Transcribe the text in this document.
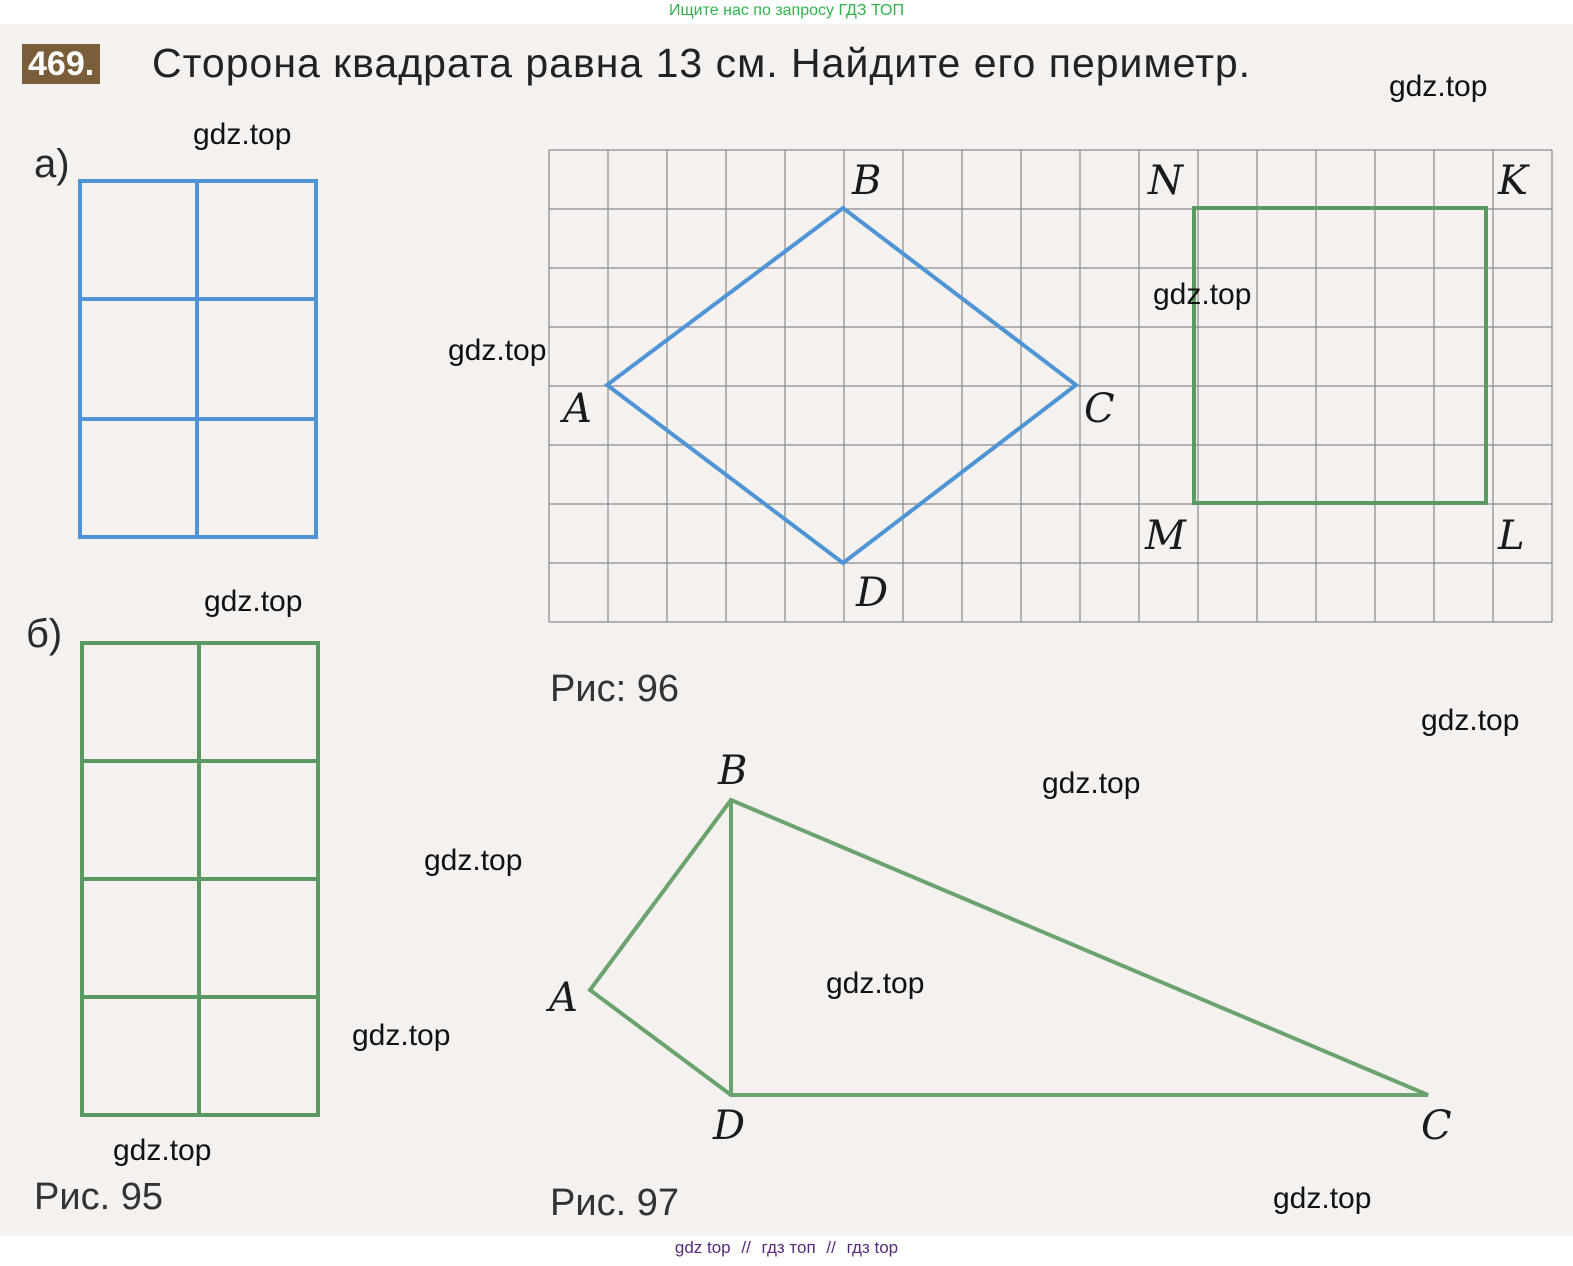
Ищите нас по запросу ГДЗ ТОП
469. Сторона квадрата равна 13 см. Найдите его периметр.
а)
б)
Рис. 95
B	N	K
A	C
M	L
D
Рис: 96
B
A
D	C
Рис. 97
gdz.top
gdz.top
gdz.top
gdz.top
gdz.top
gdz.top
gdz.top
gdz.top
gdz.top
gdz.top
gdz.top
gdz.top
gdz top // гдз топ // гдз top
